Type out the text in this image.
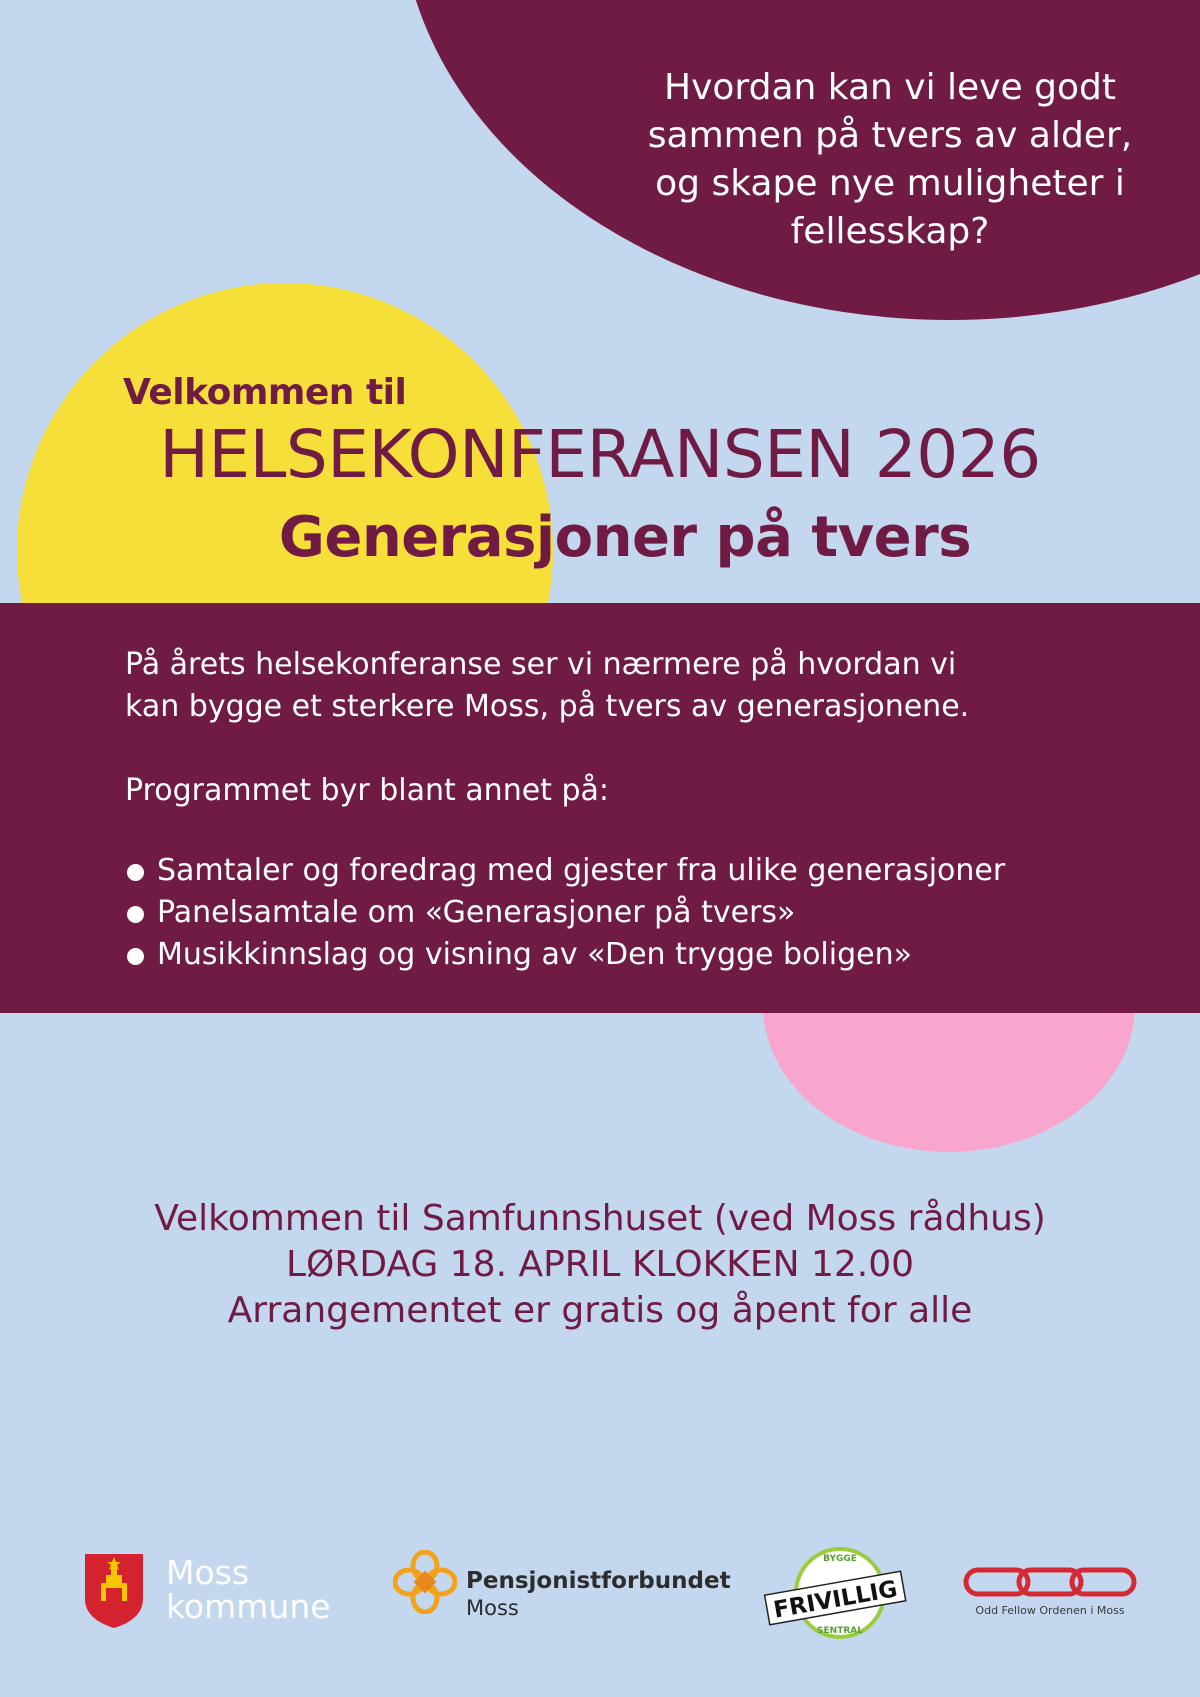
Hvordan kan vi leve godt
sammen på tvers av alder,
og skape nye muligheter i
fellesskap?
Velkommen til
HELSEKONFERANSEN 2026
Generasjoner på tvers

På årets helsekonferanse ser vi nærmere på hvordan vi
kan bygge et sterkere Moss, på tvers av generasjonene.

Programmet byr blant annet på:

Samtaler og foredrag med gjester fra ulike generasjoner
Panelsamtale om «Generasjoner på tvers»
Musikkinnslag og visning av «Den trygge boligen»
Velkommen til Samfunnshuset (ved Moss rådhus)
LØRDAG 18. APRIL KLOKKEN 12.00
Arrangementet er gratis og åpent for alle
Moss
kommune
Pensjonistforbundet
Moss
BYGGE
FRIVILLIG
SENTRAL
Odd Fellow Ordenen i Moss
